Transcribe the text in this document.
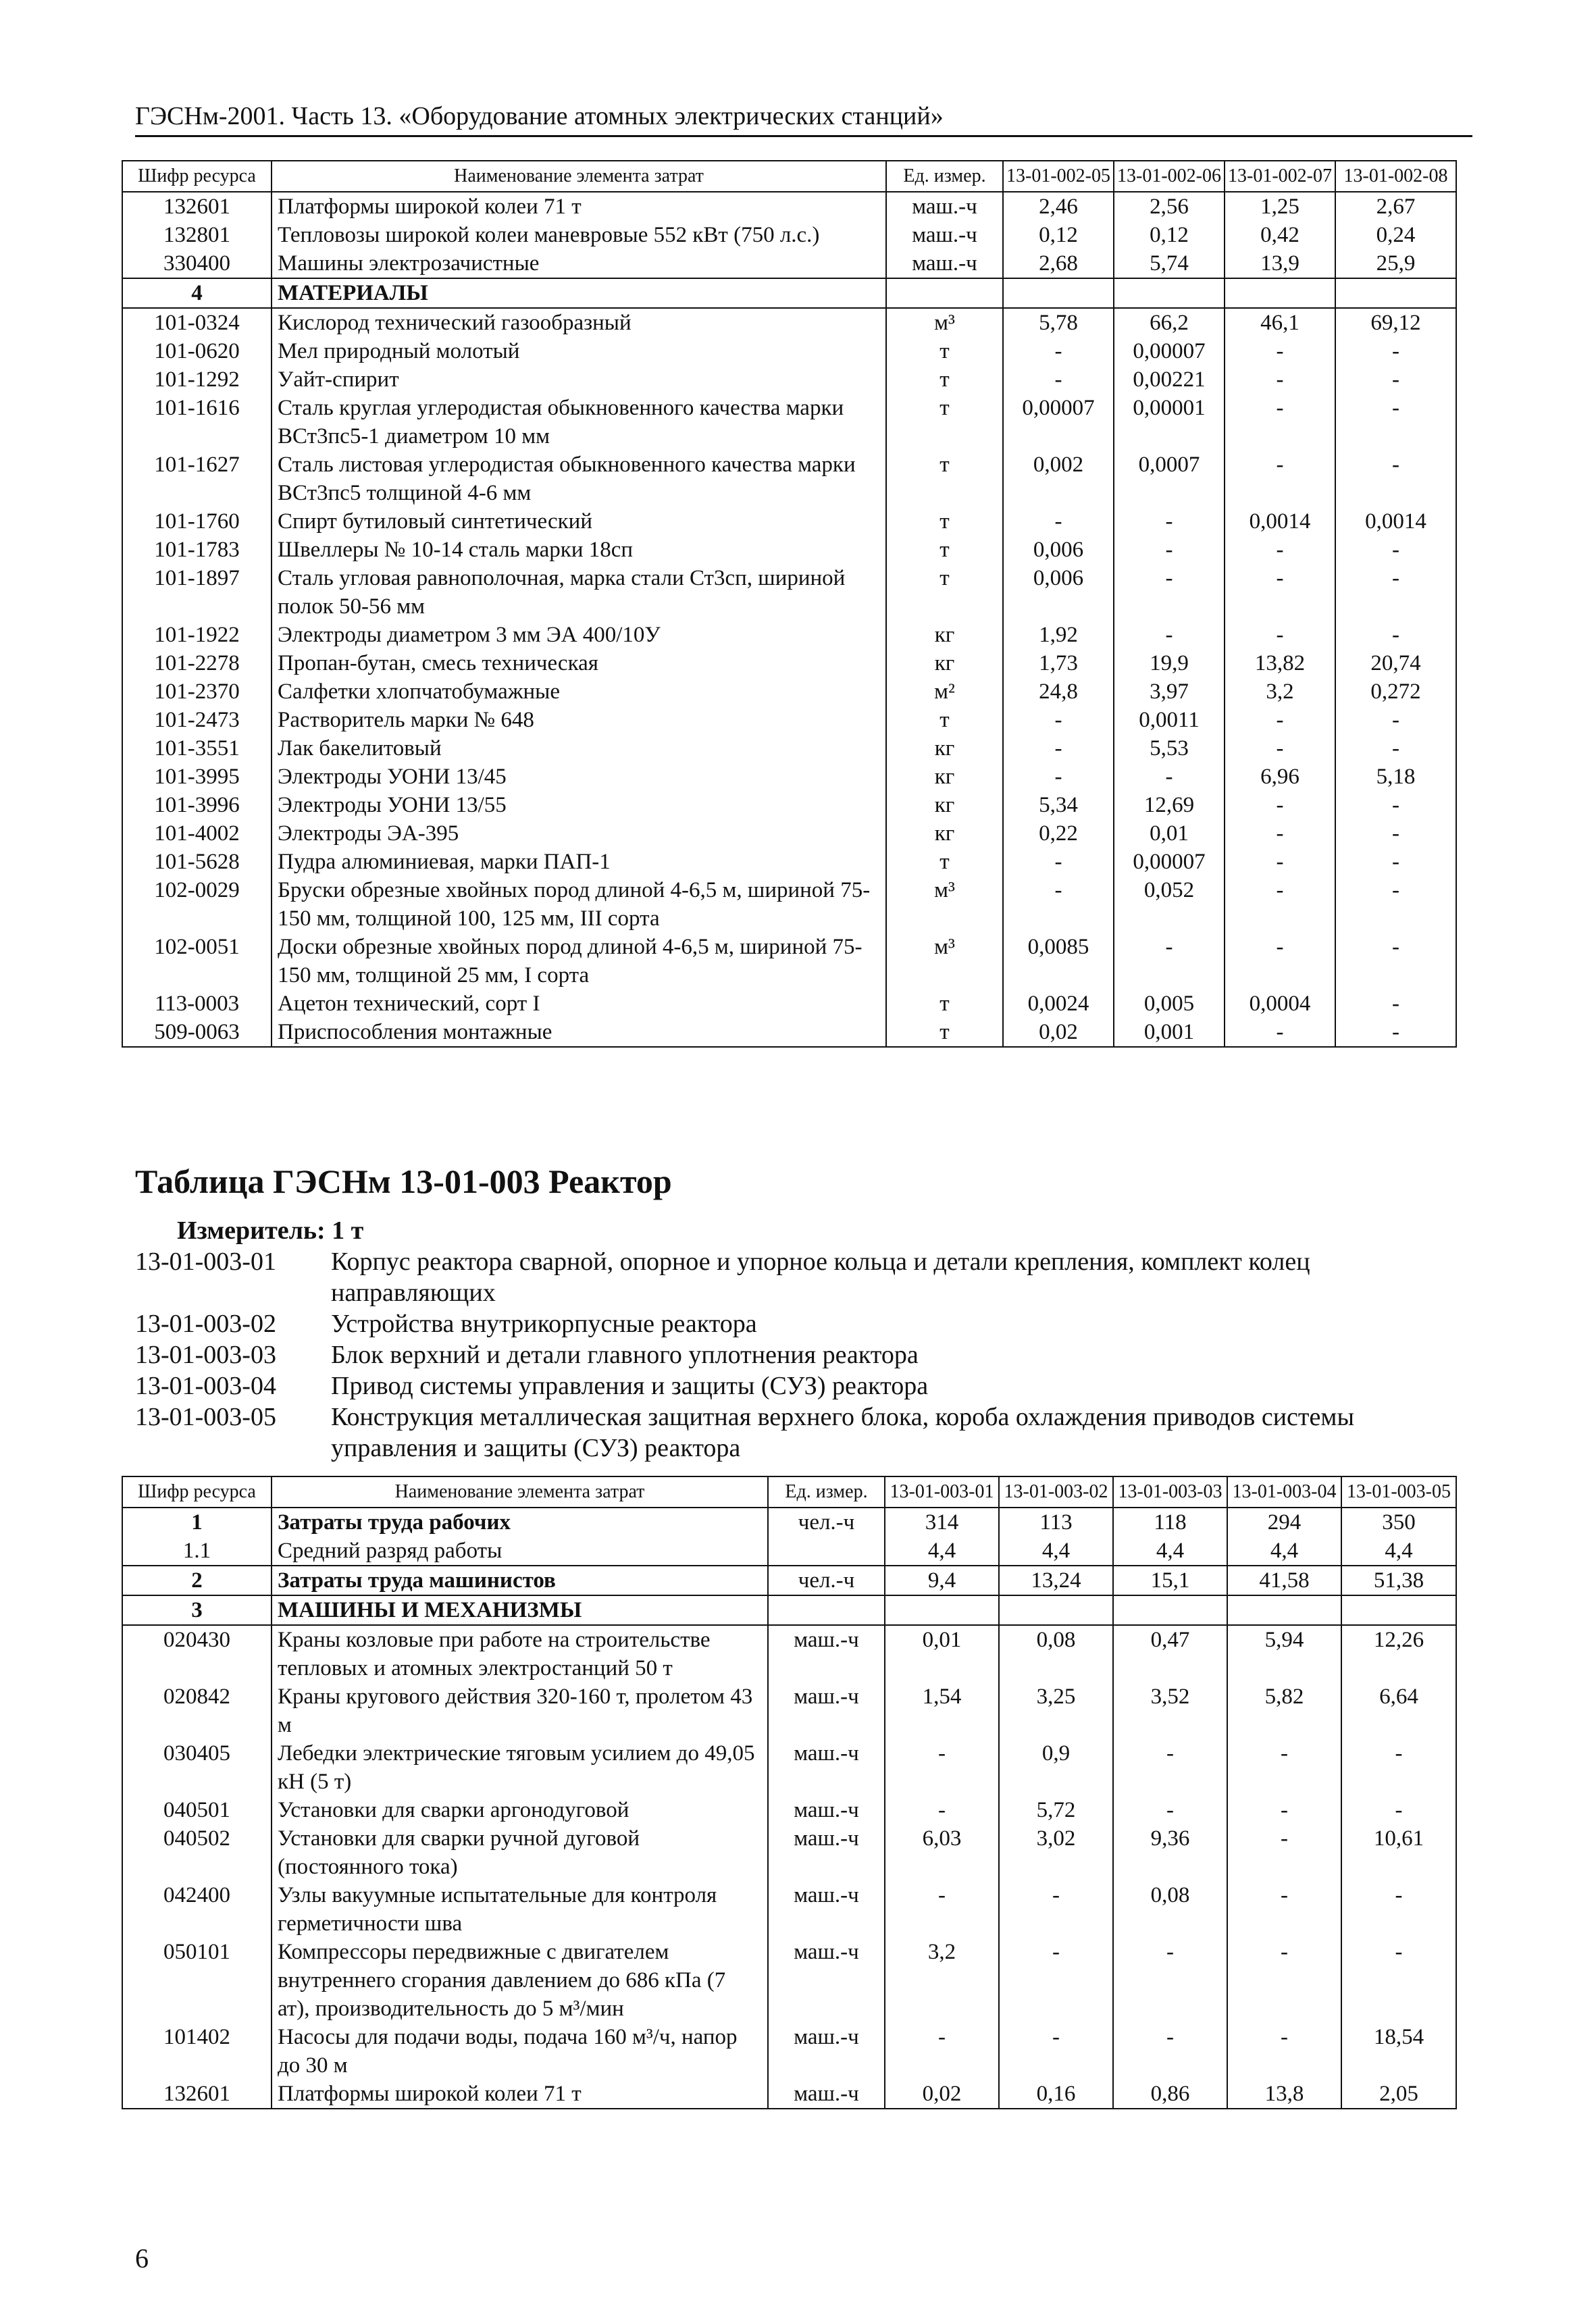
ГЭСНм-2001. Часть 13. «Оборудование атомных электрических станций»
Шифр ресурса	Наименование элемента затрат	Ед. измер.	13-01-002-05	13-01-002-06	13-01-002-07	13-01-002-08
132601	Платформы широкой колеи 71 т	маш.-ч	2,46	2,56	1,25	2,67
132801	Тепловозы широкой колеи маневровые 552 кВт (750 л.с.)	маш.-ч	0,12	0,12	0,42	0,24
330400	Машины электрозачистные	маш.-ч	2,68	5,74	13,9	25,9
4	МАТЕРИАЛЫ					
101-0324	Кислород технический газообразный	м³	5,78	66,2	46,1	69,12
101-0620	Мел природный молотый	т	-	0,00007	-	-
101-1292	Уайт-спирит	т	-	0,00221	-	-
101-1616	Сталь круглая углеродистая обыкновенного качества марки ВСт3пс5-1 диаметром 10 мм	т	0,00007	0,00001	-	-
101-1627	Сталь листовая углеродистая обыкновенного качества марки ВСт3пс5 толщиной 4-6 мм	т	0,002	0,0007	-	-
101-1760	Спирт бутиловый синтетический	т	-	-	0,0014	0,0014
101-1783	Швеллеры № 10-14 сталь марки 18сп	т	0,006	-	-	-
101-1897	Сталь угловая равнополочная, марка стали Ст3сп, шириной полок 50-56 мм	т	0,006	-	-	-
101-1922	Электроды диаметром 3 мм ЭА 400/10У	кг	1,92	-	-	-
101-2278	Пропан-бутан, смесь техническая	кг	1,73	19,9	13,82	20,74
101-2370	Салфетки хлопчатобумажные	м²	24,8	3,97	3,2	0,272
101-2473	Растворитель марки № 648	т	-	0,0011	-	-
101-3551	Лак бакелитовый	кг	-	5,53	-	-
101-3995	Электроды УОНИ 13/45	кг	-	-	6,96	5,18
101-3996	Электроды УОНИ 13/55	кг	5,34	12,69	-	-
101-4002	Электроды ЭА-395	кг	0,22	0,01	-	-
101-5628	Пудра алюминиевая, марки ПАП-1	т	-	0,00007	-	-
102-0029	Бруски обрезные хвойных пород длиной 4-6,5 м, шириной 75-150 мм, толщиной 100, 125 мм, III сорта	м³	-	0,052	-	-
102-0051	Доски обрезные хвойных пород длиной 4-6,5 м, шириной 75-150 мм, толщиной 25 мм, I сорта	м³	0,0085	-	-	-
113-0003	Ацетон технический, сорт I	т	0,0024	0,005	0,0004	-
509-0063	Приспособления монтажные	т	0,02	0,001	-	-
Таблица ГЭСНм 13-01-003 Реактор
Измеритель: 1 т
13-01-003-01	Корпус реактора сварной, опорное и упорное кольца и детали крепления, комплект колец направляющих
13-01-003-02	Устройства внутрикорпусные реактора
13-01-003-03	Блок верхний и детали главного уплотнения реактора
13-01-003-04	Привод системы управления и защиты (СУЗ) реактора
13-01-003-05	Конструкция металлическая защитная верхнего блока, короба охлаждения приводов системы управления и защиты (СУЗ) реактора
Шифр ресурса	Наименование элемента затрат	Ед. измер.	13-01-003-01	13-01-003-02	13-01-003-03	13-01-003-04	13-01-003-05
1	Затраты труда рабочих	чел.-ч	314	113	118	294	350
1.1	Средний разряд работы		4,4	4,4	4,4	4,4	4,4
2	Затраты труда машинистов	чел.-ч	9,4	13,24	15,1	41,58	51,38
3	МАШИНЫ И МЕХАНИЗМЫ						
020430	Краны козловые при работе на строительстве тепловых и атомных электростанций 50 т	маш.-ч	0,01	0,08	0,47	5,94	12,26
020842	Краны кругового действия 320-160 т, пролетом 43 м	маш.-ч	1,54	3,25	3,52	5,82	6,64
030405	Лебедки электрические тяговым усилием до 49,05 кН (5 т)	маш.-ч	-	0,9	-	-	-
040501	Установки для сварки аргонодуговой	маш.-ч	-	5,72	-	-	-
040502	Установки для сварки ручной дуговой (постоянного тока)	маш.-ч	6,03	3,02	9,36	-	10,61
042400	Узлы вакуумные испытательные для контроля герметичности шва	маш.-ч	-	-	0,08	-	-
050101	Компрессоры передвижные с двигателем внутреннего сгорания давлением до 686 кПа (7 ат), производительность до 5 м³/мин	маш.-ч	3,2	-	-	-	-
101402	Насосы для подачи воды, подача 160 м³/ч, напор до 30 м	маш.-ч	-	-	-	-	18,54
132601	Платформы широкой колеи 71 т	маш.-ч	0,02	0,16	0,86	13,8	2,05
6
